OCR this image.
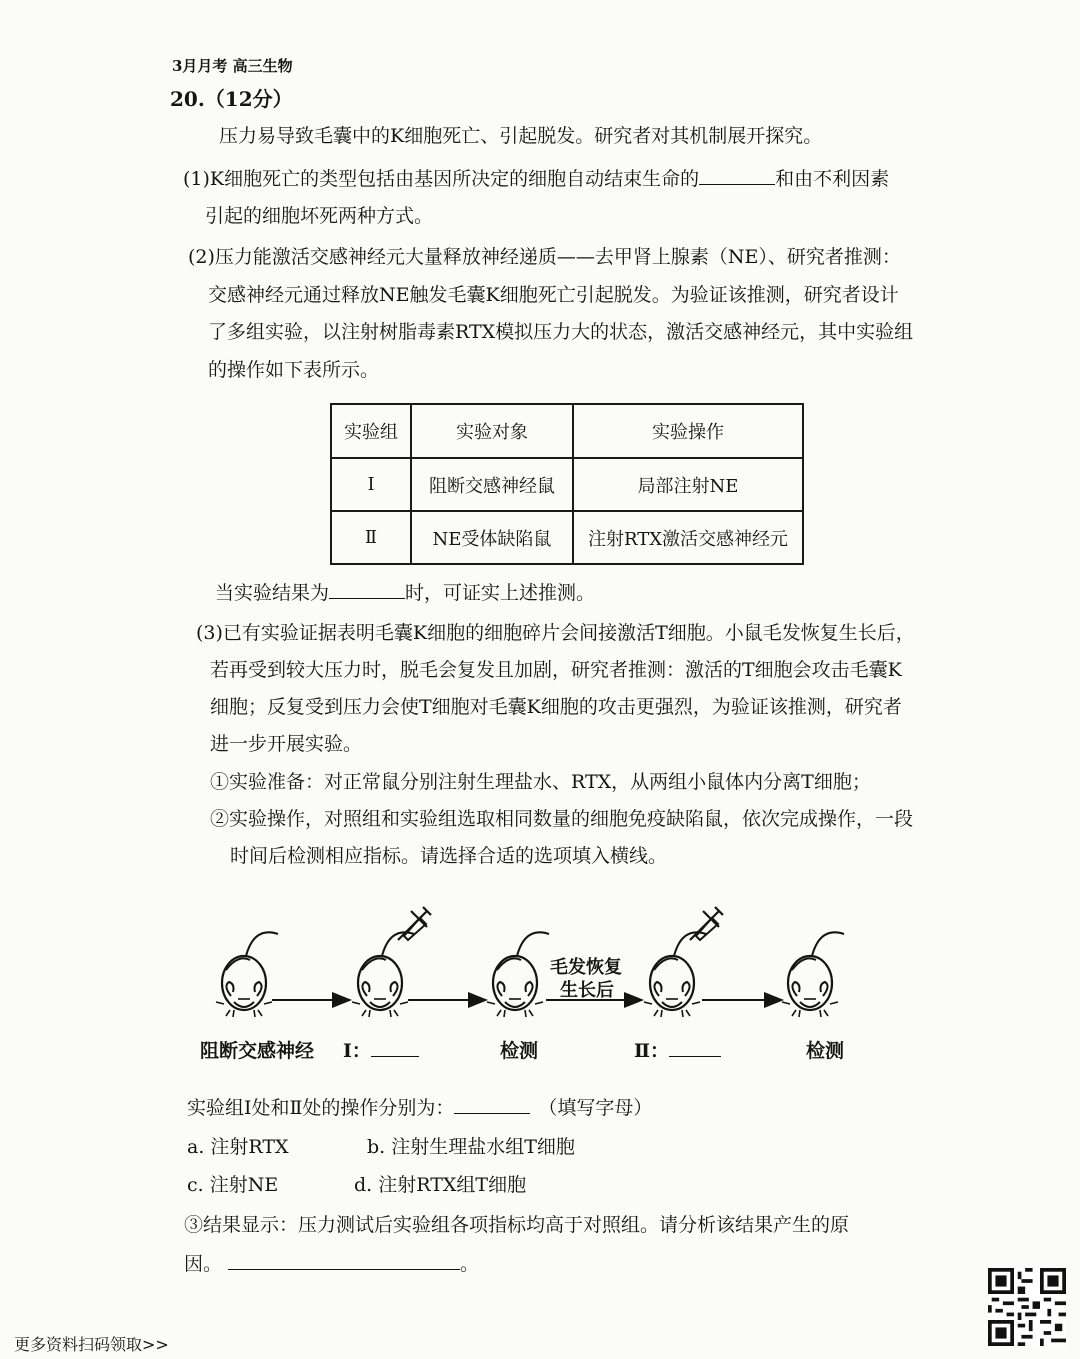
3月月考 高三生物
20.（12分）
压力易导致毛囊中的K细胞死亡、引起脱发。研究者对其机制展开探究。
(1)K细胞死亡的类型包括由基因所决定的细胞自动结束生命的	和由不利因素
引起的细胞坏死两种方式。
(2)压力能激活交感神经元大量释放神经递质——去甲肾上腺素（NE）、研究者推测：
交感神经元通过释放NE触发毛囊K细胞死亡引起脱发。为验证该推测，研究者设计
了多组实验，以注射树脂毒素RTX模拟压力大的状态，激活交感神经元，其中实验组
的操作如下表所示。
实验组	实验对象	实验操作
Ⅰ	阻断交感神经鼠	局部注射NE
Ⅱ	NE受体缺陷鼠	注射RTX激活交感神经元
当实验结果为	时，可证实上述推测。
(3)已有实验证据表明毛囊K细胞的细胞碎片会间接激活T细胞。小鼠毛发恢复生长后，
若再受到较大压力时，脱毛会复发且加剧，研究者推测：激活的T细胞会攻击毛囊K
细胞；反复受到压力会使T细胞对毛囊K细胞的攻击更强烈，为验证该推测，研究者
进一步开展实验。
①实验准备：对正常鼠分别注射生理盐水、RTX，从两组小鼠体内分离T细胞；
②实验操作，对照组和实验组选取相同数量的细胞免疫缺陷鼠，依次完成操作，一段
时间后检测相应指标。请选择合适的选项填入横线。
毛发恢复
生长后
阻断交感神经 Ⅰ：	检测	Ⅱ：	检测
实验组Ⅰ处和Ⅱ处的操作分别为：	（填写字母）
a. 注射RTX	b. 注射生理盐水组T细胞
c. 注射NE	d. 注射RTX组T细胞
③结果显示：压力测试后实验组各项指标均高于对照组。请分析该结果产生的原
因。	。
更多资料扫码领取>>
